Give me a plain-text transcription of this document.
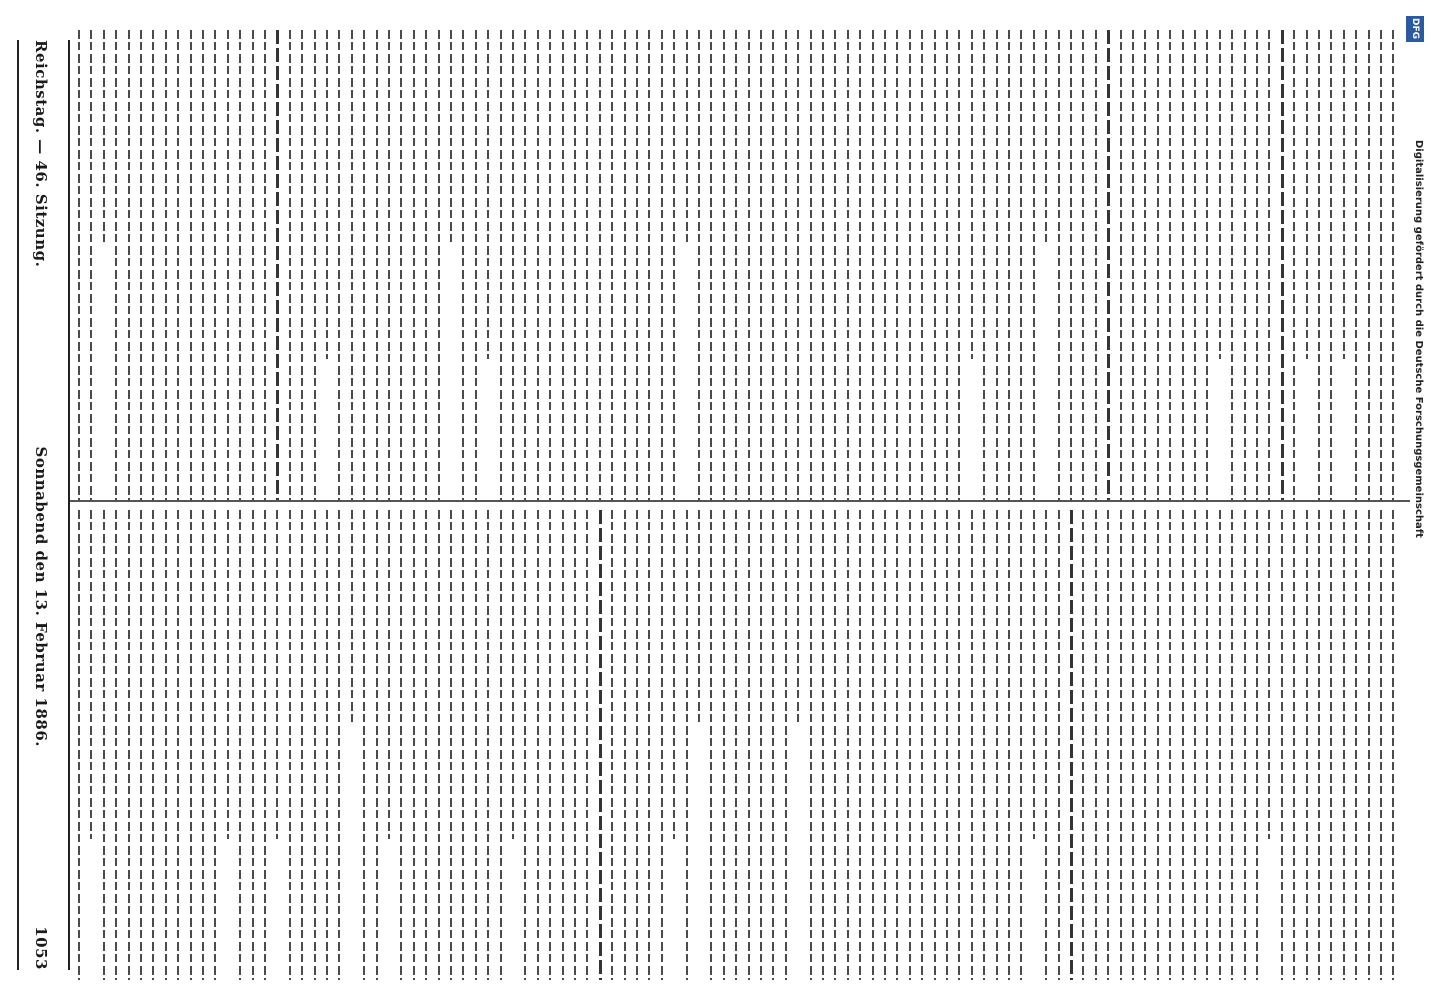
Reichstag. — 46. Sitzung.
Sonnabend den 13. Februar 1886.
1053
DFG
Digitalisierung gefördert durch die Deutsche Forschungsgemeinschaft
